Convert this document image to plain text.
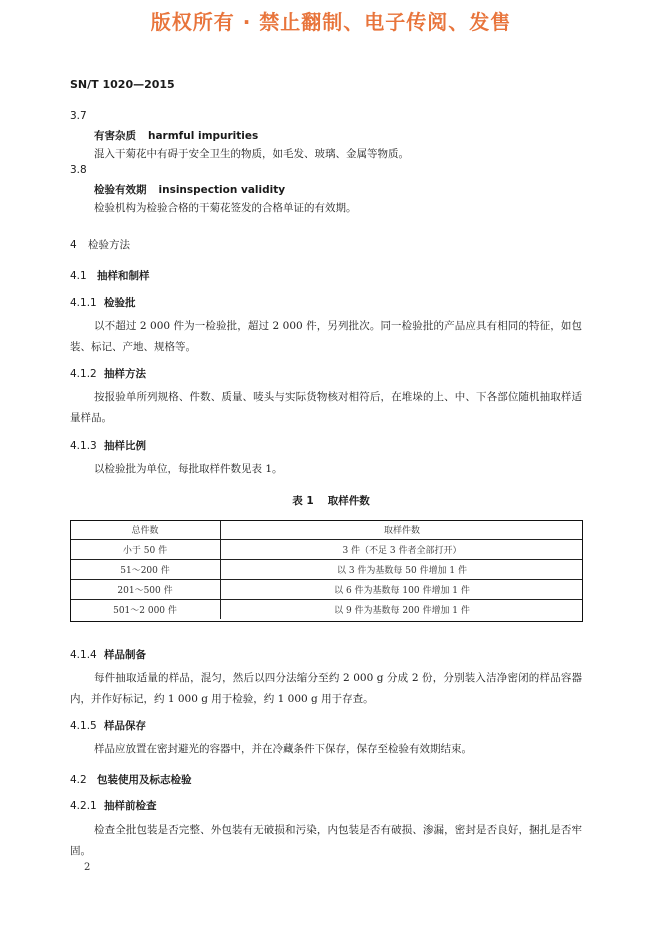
版权所有 · 禁止翻制、电子传阅、发售
SN/T 1020—2015
3.7
有害杂质 harmful impurities
混入干菊花中有碍于安全卫生的物质，如毛发、玻璃、金属等物质。
3.8
检验有效期 insinspection validity
检验机构为检验合格的干菊花签发的合格单证的有效期。
4 检验方法
4.1 抽样和制样
4.1.1 检验批
以不超过 2 000 件为一检验批，超过 2 000 件，另列批次。同一检验批的产品应具有相同的特征，如包装、标记、产地、规格等。
4.1.2 抽样方法
按报验单所列规格、件数、质量、唛头与实际货物核对相符后，在堆垛的上、中、下各部位随机抽取样适量样品。
4.1.3 抽样比例
以检验批为单位，每批取样件数见表 1。
表 1 取样件数
总件数	取样件数
小于 50 件	3 件（不足 3 件者全部打开）
51～200 件	以 3 件为基数每 50 件增加 1 件
201～500 件	以 6 件为基数每 100 件增加 1 件
501～2 000 件	以 9 件为基数每 200 件增加 1 件
4.1.4 样品制备
每件抽取适量的样品，混匀，然后以四分法缩分至约 2 000 g 分成 2 份，分别装入洁净密闭的样品容器内，并作好标记，约 1 000 g 用于检验，约 1 000 g 用于存查。
4.1.5 样品保存
样品应放置在密封避光的容器中，并在冷藏条件下保存，保存至检验有效期结束。
4.2 包装使用及标志检验
4.2.1 抽样前检查
检查全批包装是否完整、外包装有无破损和污染，内包装是否有破损、渗漏，密封是否良好，捆扎是否牢固。
2
